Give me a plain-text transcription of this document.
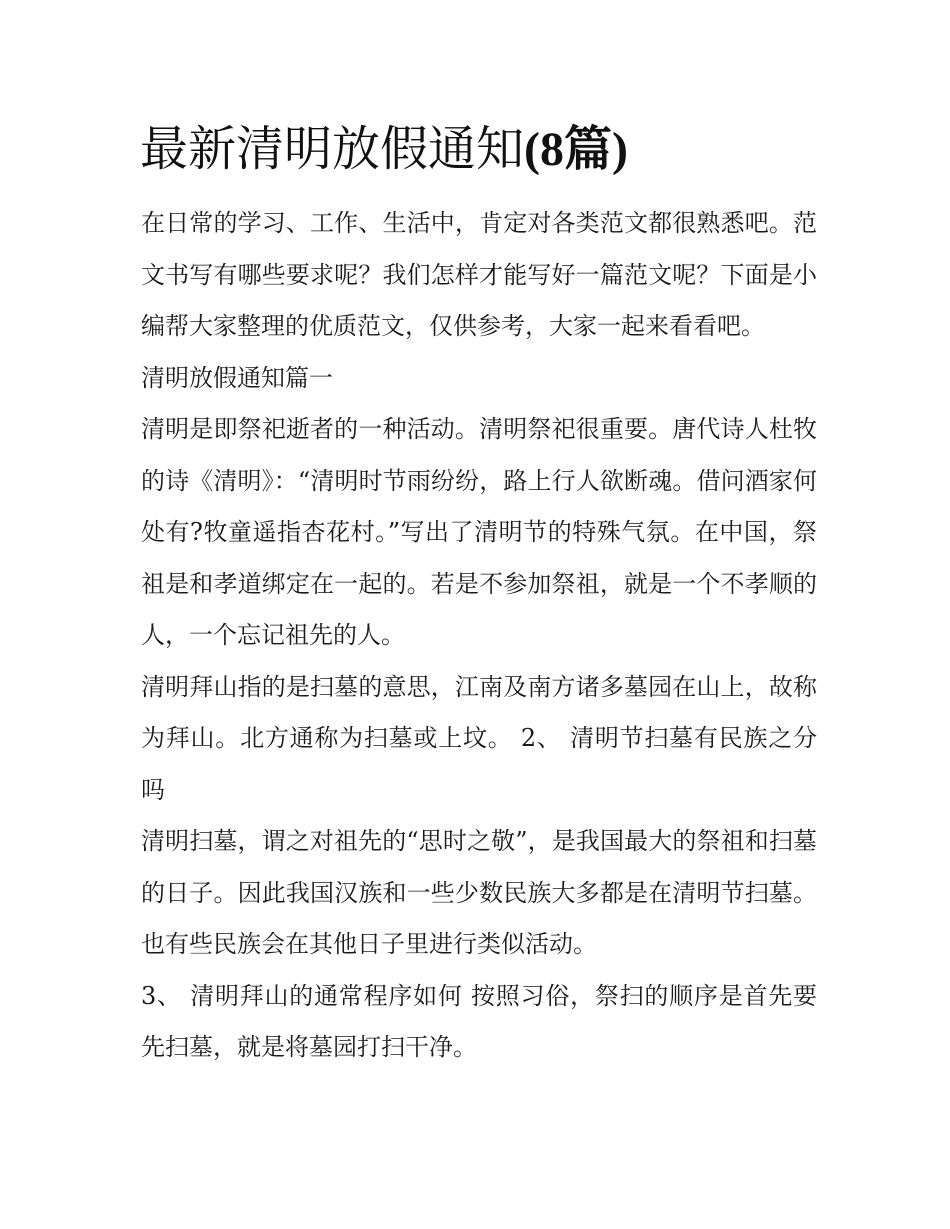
最新清明放假通知(8篇)

在日常的学习、工作、生活中，肯定对各类范文都很熟悉吧。范文书写有哪些要求呢？我们怎样才能写好一篇范文呢？下面是小编帮大家整理的优质范文，仅供参考，大家一起来看看吧。

清明放假通知篇一

清明是即祭祀逝者的一种活动。清明祭祀很重要。唐代诗人杜牧的诗《清明》：“清明时节雨纷纷，路上行人欲断魂。借问酒家何处有?牧童遥指杏花村。”写出了清明节的特殊气氛。在中国，祭祖是和孝道绑定在一起的。若是不参加祭祖，就是一个不孝顺的人，一个忘记祖先的人。

清明拜山指的是扫墓的意思，江南及南方诸多墓园在山上，故称为拜山。北方通称为扫墓或上坟。 2、 清明节扫墓有民族之分吗

清明扫墓，谓之对祖先的“思时之敬”，是我国最大的祭祖和扫墓的日子。因此我国汉族和一些少数民族大多都是在清明节扫墓。也有些民族会在其他日子里进行类似活动。

3、 清明拜山的通常程序如何 按照习俗，祭扫的顺序是首先要先扫墓，就是将墓园打扫干净。
